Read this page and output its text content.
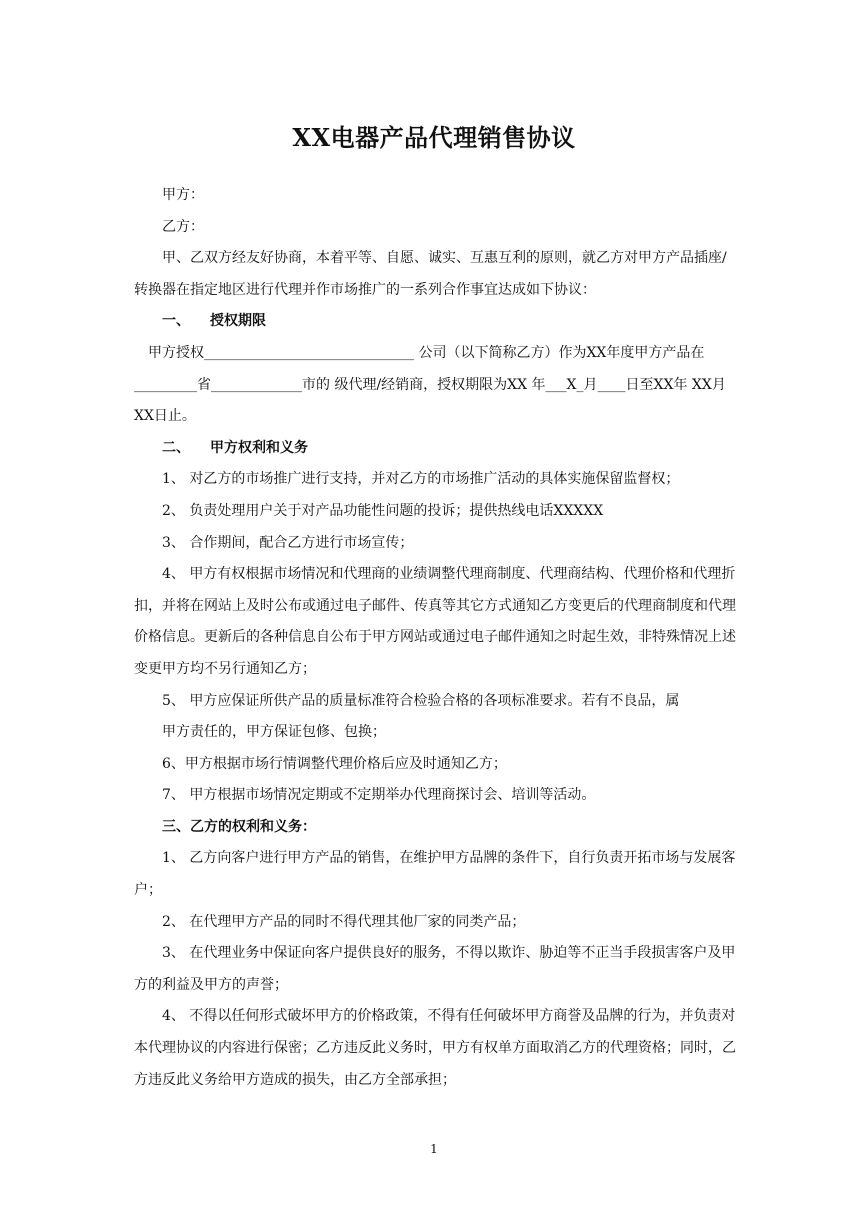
XX电器产品代理销售协议

甲方：

乙方：

甲、乙双方经友好协商，本着平等、自愿、诚实、互惠互利的原则，就乙方对甲方产品插座/转换器在指定地区进行代理并作市场推广的一系列合作事宜达成如下协议：

一、 授权期限

甲方授权______________________________ 公司（以下简称乙方）作为XX年度甲方产品在_________省_____________市的 级代理/经销商，授权期限为XX 年___X_月____日至XX年 XX月XX日止。

二、 甲方权利和义务

1、 对乙方的市场推广进行支持，并对乙方的市场推广活动的具体实施保留监督权；

2、 负责处理用户关于对产品功能性问题的投诉；提供热线电话XXXXX

3、 合作期间，配合乙方进行市场宣传；

4、 甲方有权根据市场情况和代理商的业绩调整代理商制度、代理商结构、代理价格和代理折扣，并将在网站上及时公布或通过电子邮件、传真等其它方式通知乙方变更后的代理商制度和代理价格信息。更新后的各种信息自公布于甲方网站或通过电子邮件通知之时起生效，非特殊情况上述变更甲方均不另行通知乙方；

5、 甲方应保证所供产品的质量标准符合检验合格的各项标准要求。若有不良品，属

甲方责任的，甲方保证包修、包换；

6、甲方根据市场行情调整代理价格后应及时通知乙方；

7、 甲方根据市场情况定期或不定期举办代理商探讨会、培训等活动。

三、乙方的权利和义务：

1、 乙方向客户进行甲方产品的销售，在维护甲方品牌的条件下，自行负责开拓市场与发展客户；

2、 在代理甲方产品的同时不得代理其他厂家的同类产品；

3、 在代理业务中保证向客户提供良好的服务，不得以欺诈、胁迫等不正当手段损害客户及甲方的利益及甲方的声誉；

4、 不得以任何形式破坏甲方的价格政策，不得有任何破坏甲方商誉及品牌的行为，并负责对本代理协议的内容进行保密；乙方违反此义务时，甲方有权单方面取消乙方的代理资格；同时，乙方违反此义务给甲方造成的损失，由乙方全部承担；

1
